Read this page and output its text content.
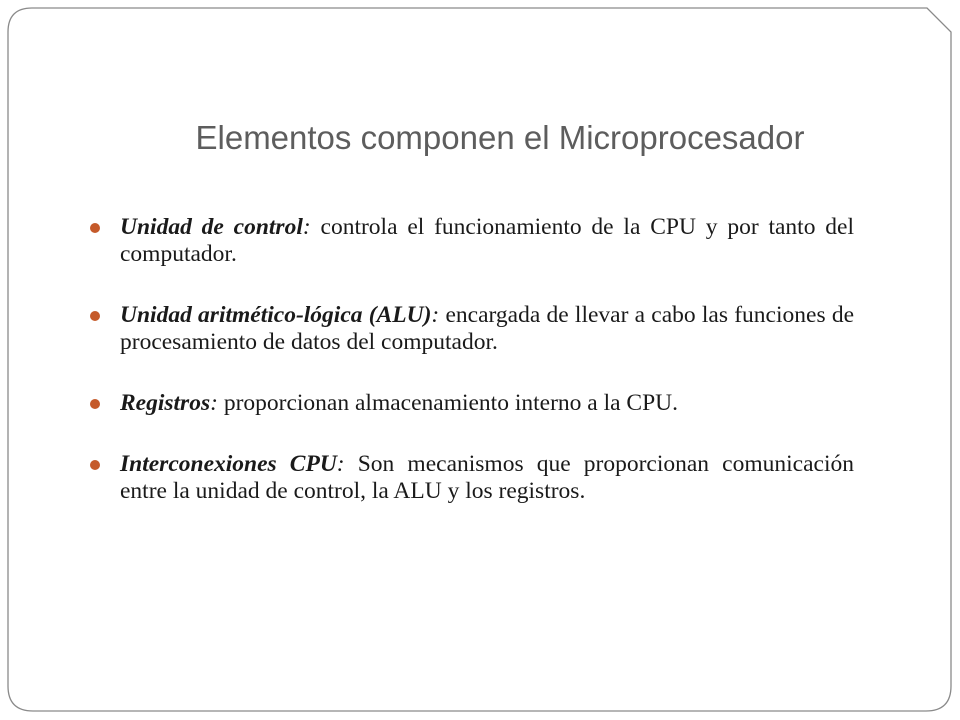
Elementos componen el Microprocesador
Unidad de control: controla el funcionamiento de la CPU y por tanto del computador.
Unidad aritmético-lógica (ALU): encargada de llevar a cabo las funciones de procesamiento de datos del computador.
Registros: proporcionan almacenamiento interno a la CPU.
Interconexiones CPU: Son mecanismos que proporcionan comunicación entre la unidad de control, la ALU y los registros.
